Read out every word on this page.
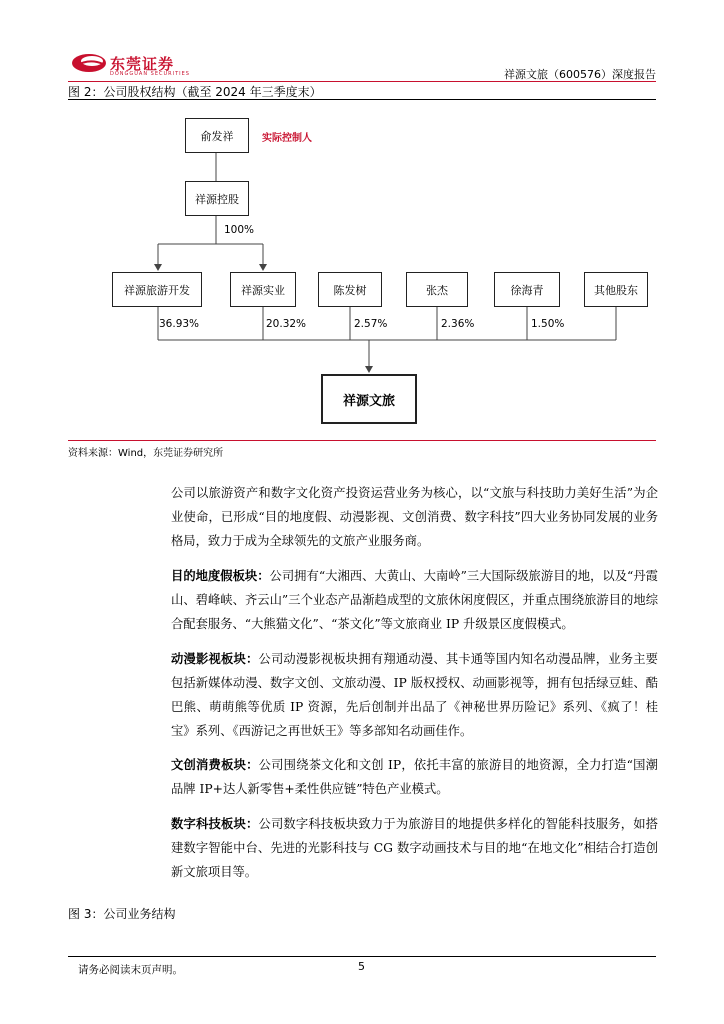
东莞证券
DONGGUAN SECURITIES	祥源文旅（600576）深度报告
图 2：公司股权结构（截至 2024 年三季度末）
俞发祥	实际控制人
祥源控股
100%
祥源旅游开发	祥源实业	陈发树	张杰	徐海青	其他股东
36.93%	20.32%	2.57%	2.36%	1.50%
祥源文旅
资料来源：Wind，东莞证券研究所

公司以旅游资产和数字文化资产投资运营业务为核心，以“文旅与科技助力美好生活”为企业使命，已形成“目的地度假、动漫影视、文创消费、数字科技”四大业务协同发展的业务格局，致力于成为全球领先的文旅产业服务商。

目的地度假板块：公司拥有“大湘西、大黄山、大南岭”三大国际级旅游目的地，以及“丹霞山、碧峰峡、齐云山”三个业态产品渐趋成型的文旅休闲度假区，并重点围绕旅游目的地综合配套服务、“大熊猫文化”、“茶文化”等文旅商业 IP 升级景区度假模式。

动漫影视板块：公司动漫影视板块拥有翔通动漫、其卡通等国内知名动漫品牌，业务主要包括新媒体动漫、数字文创、文旅动漫、IP 版权授权、动画影视等，拥有包括绿豆蛙、酷巴熊、萌萌熊等优质 IP 资源，先后创制并出品了《神秘世界历险记》系列、《疯了！桂宝》系列、《西游记之再世妖王》等多部知名动画佳作。

文创消费板块：公司围绕茶文化和文创 IP，依托丰富的旅游目的地资源，全力打造“国潮品牌 IP+达人新零售+柔性供应链”特色产业模式。

数字科技板块：公司数字科技板块致力于为旅游目的地提供多样化的智能科技服务，如搭建数字智能中台、先进的光影科技与 CG 数字动画技术与目的地“在地文化”相结合打造创新文旅项目等。

图 3：公司业务结构
请务必阅读末页声明。	5
